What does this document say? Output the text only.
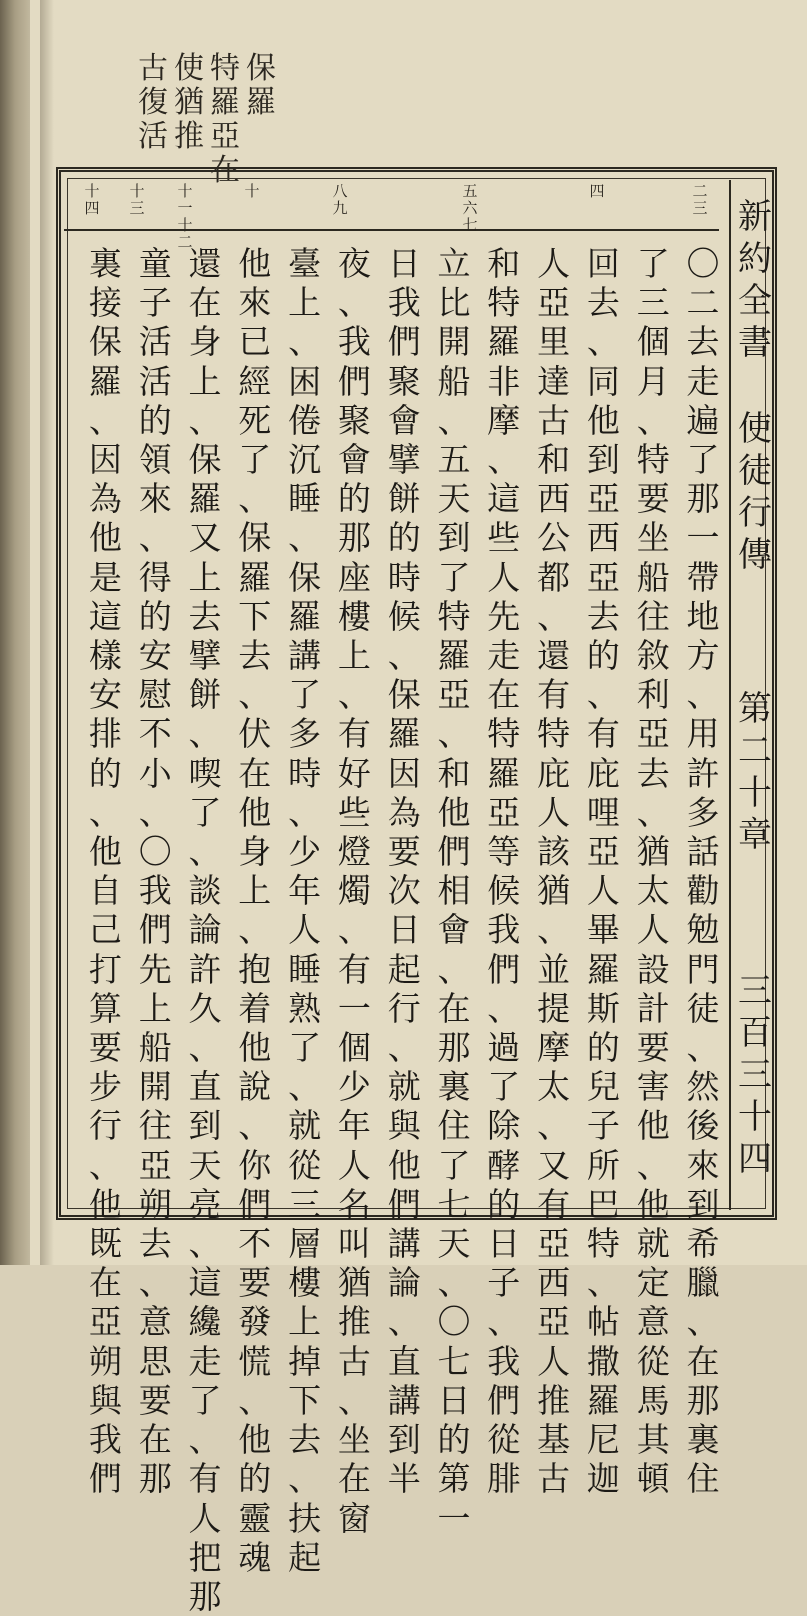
保
羅
特
羅
亞
在
使
猶
推
古
復
活
二
三
四
五
六
七
八
九
十
十
一
十
二
十
三
十
四	新
約
全
書
使
徒
行
傳
第
二
十
章
三
百
三
十
四
〇
二
去
走
遍
了
那
一
帶
地
方
、
用
許
多
話
勸
勉
門
徒
、
然
後
來
到
希
臘
、
在
那
裏
住
了
三
個
月
、
特
要
坐
船
往
敘
利
亞
去
、
猶
太
人
設
計
要
害
他
、
他
就
定
意
從
馬
其
頓
回
去
、
同
他
到
亞
西
亞
去
的
、
有
庇
哩
亞
人
畢
羅
斯
的
兒
子
所
巴
特
、
帖
撒
羅
尼
迦
人
亞
里
達
古
和
西
公
都
、
還
有
特
庇
人
該
猶
、
並
提
摩
太
、
又
有
亞
西
亞
人
推
基
古
和
特
羅
非
摩
、
這
些
人
先
走
在
特
羅
亞
等
候
我
們
、
過
了
除
酵
的
日
子
、
我
們
從
腓
立
比
開
船
、
五
天
到
了
特
羅
亞
、
和
他
們
相
會
、
在
那
裏
住
了
七
天
、
〇
七
日
的
第
一
日
我
們
聚
會
擘
餅
的
時
候
、
保
羅
因
為
要
次
日
起
行
、
就
與
他
們
講
論
、
直
講
到
半
夜
、
我
們
聚
會
的
那
座
樓
上
、
有
好
些
燈
燭
、
有
一
個
少
年
人
名
叫
猶
推
古
、
坐
在
窗
臺
上
、
困
倦
沉
睡
、
保
羅
講
了
多
時
、
少
年
人
睡
熟
了
、
就
從
三
層
樓
上
掉
下
去
、
扶
起
他
來
已
經
死
了
、
保
羅
下
去
、
伏
在
他
身
上
、
抱
着
他
說
、
你
們
不
要
發
慌
、
他
的
靈
魂
還
在
身
上
、
保
羅
又
上
去
擘
餅
、
喫
了
、
談
論
許
久
、
直
到
天
亮
、
這
纔
走
了
、
有
人
把
那
童
子
活
活
的
領
來
、
得
的
安
慰
不
小
、
〇
我
們
先
上
船
開
往
亞
朔
去
、
意
思
要
在
那
裏
接
保
羅
、
因
為
他
是
這
樣
安
排
的
、
他
自
己
打
算
要
步
行
、
他
既
在
亞
朔
與
我
們
